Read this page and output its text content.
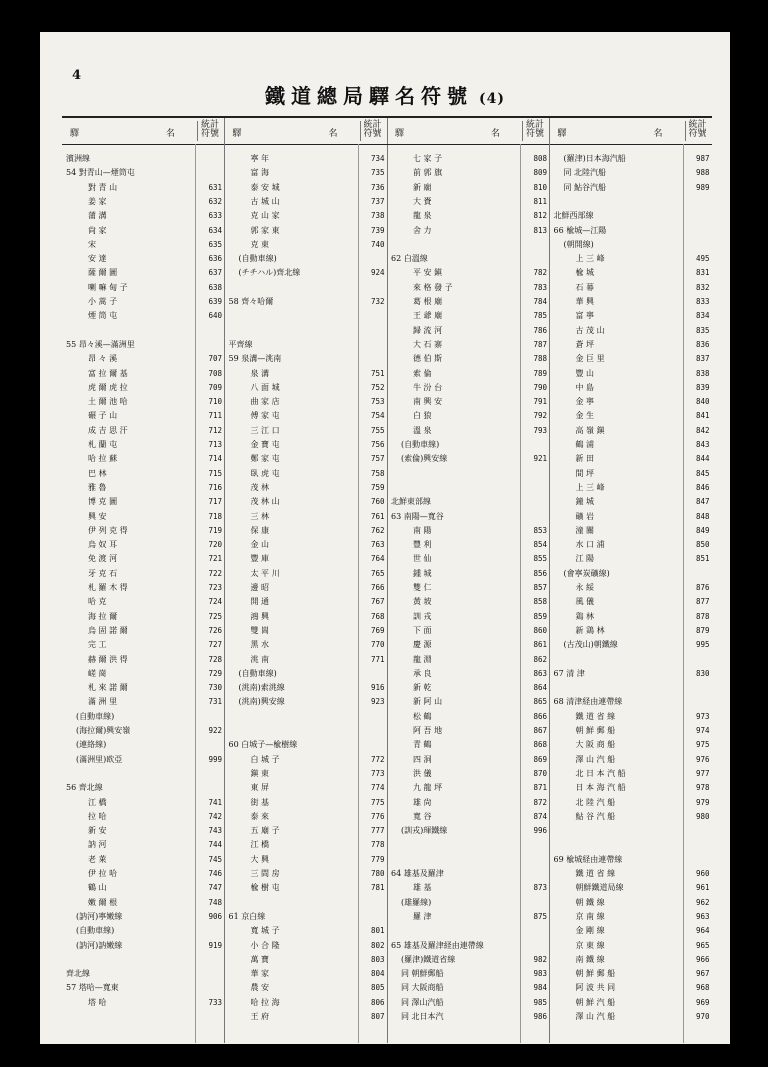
4
鐵道總局驛名符號 (4)
驛	名
統計符號
濱洲線
54 對青山—煙筒屯
對 青 山	631
姜 家	632
蒲 溝	633
尙 家	634
宋	635
安 達	636
薩 爾 圖	637
喇 嘛 甸 子	638
小 蒿 子	639
煙 筒 屯	640
55 昂々溪—滿洲里
昂 々 溪	707
富 拉 爾 基	708
虎 爾 虎 拉	709
土 爾 池 哈	710
碾 子 山	711
成 吉 思 汗	712
札 蘭 屯	713
哈 拉 蘇	714
巴 林	715
雅 魯	716
博 克 圖	717
興 安	718
伊 列 克 得	719
烏 奴 耳	720
免 渡 河	721
牙 克 石	722
札 羅 木 得	723
哈 克	724
海 拉 爾	725
烏 固 諾 爾	726
完 工	727
赫 爾 洪 得	728
嵯 崗	729
札 來 諾 爾	730
滿 洲 里	731
(自動車線)
(海拉爾)興安嶺	922
(連絡線)
(滿洲里)欧亞	999
56 齊北線
江 橋	741
拉 哈	742
新 安	743
訥 河	744
老 萊	745
伊 拉 哈	746
鶴 山	747
嫩 爾 根	748
(訥河)寧嫩線	906
(自動車線)
(訥河)訥嫩線	919
齊北線
57 塔哈—寬東
塔 哈	733
驛	名
統計符號
寧 年	734
富 海	735
泰 安 城	736
古 城 山	737
克 山 家	738
郭 家 東	739
克 東	740
(自動車線)
(チチハル)齊北線	924
58 齊々哈爾	732
平齊線
59 泉溝—洮南
泉 溝	751
八 面 城	752
曲 家 店	753
傅 家 屯	754
三 江 口	755
金 寶 屯	756
鄭 家 屯	757
臥 虎 屯	758
茂 林	759
茂 林 山	760
三 林	761
保 康	762
金 山	763
豐 庫	764
太 平 川	765
邊 昭	766
開 通	767
鴻 興	768
雙 崗	769
黑 水	770
洮 南	771
(自動車線)
(洮南)索洮線	916
(洮南)興安線	923
60 白城子—楡樹線
白 城 子	772
鎭 東	773
東 屏	774
街 基	775
泰 來	776
五 廟 子	777
江 橋	778
大 興	779
三 間 房	780
楡 樹 屯	781
61 京白線
寬 城 子	801
小 合 隆	802
萬 寶	803
華 家	804
農 安	805
哈 拉 海	806
王 府	807
驛	名
統計符號
七 家 子	808
前 郭 旗	809
新 廟	810
大 賚	811
龍 泉	812
舍 力	813
62 白溫線
平 安 鎭	782
來 格 發 子	783
葛 根 廟	784
王 爺 廟	785
歸 流 河	786
大 石 寨	787
德 伯 斯	788
索 倫	789
牛 汾 台	790
南 興 安	791
白 狼	792
溫 泉	793
(自動車線)
(索倫)興安線	921
北鮮東部線
63 南陽—寬谷
南 陽	853
豐 利	854
世 仙	855
鍾 城	856
雙 仁	857
黃 坡	858
訓 戎	859
下 面	860
慶 源	861
龍 淵	862
承 良	863
新 乾	864
新 阿 山	865
松 鶴	866
阿 吾 地	867
青 鶴	868
四 洞	869
洪 儀	870
九 龍 坪	871
雄 尙	872
寬 谷	874
(訓戎)琿鐵線	996
64 雄基及羅津
雄 基	873
(雄羅線)
羅 津	875
65 雄基及羅津経由連帶線
(羅津)鐵道省線	982
同 朝鮮郵船	983
同 大阪商船	984
同 澤山汽船	985
同 北日本汽	986
驛	名
統計符號
(羅津)日本海汽船	987
同 北陸汽船	988
同 鮎谷汽船	989
北鮮西部線
66 楡城—江陽
(朝開線)
上 三 峰	495
楡 城	831
石 幕	832
華 興	833
富 寧	834
古 茂 山	835
蒼 坪	836
金 巨 里	837
豐 山	838
中 島	839
金 寧	840
金 生	841
高 嶺 鎭	842
鶴 浦	843
新 田	844
間 坪	845
上 三 峰	846
鐘 城	847
礦 岩	848
潼 關	849
水 口 浦	850
江 陽	851
(會寧炭礦線)
永 綏	876
風 儀	877
鶏 林	878
新 鶏 林	879
(古茂山)朝鐵線	995
67 清 津	830
68 清津経由連帶線
鐵 道 省 線	973
朝 鮮 郵 船	974
大 阪 商 船	975
澤 山 汽 船	976
北 日 本 汽 船	977
日 本 海 汽 船	978
北 陸 汽 船	979
鮎 谷 汽 船	980
69 楡城経由連帶線
鐵 道 省 線	960
朝鮮鐵道局線	961
朝 鐵 線	962
京 南 線	963
金 剛 線	964
京 東 線	965
南 鐵 線	966
朝 鮮 郵 船	967
阿 波 共 同	968
朝 鮮 汽 船	969
澤 山 汽 船	970
